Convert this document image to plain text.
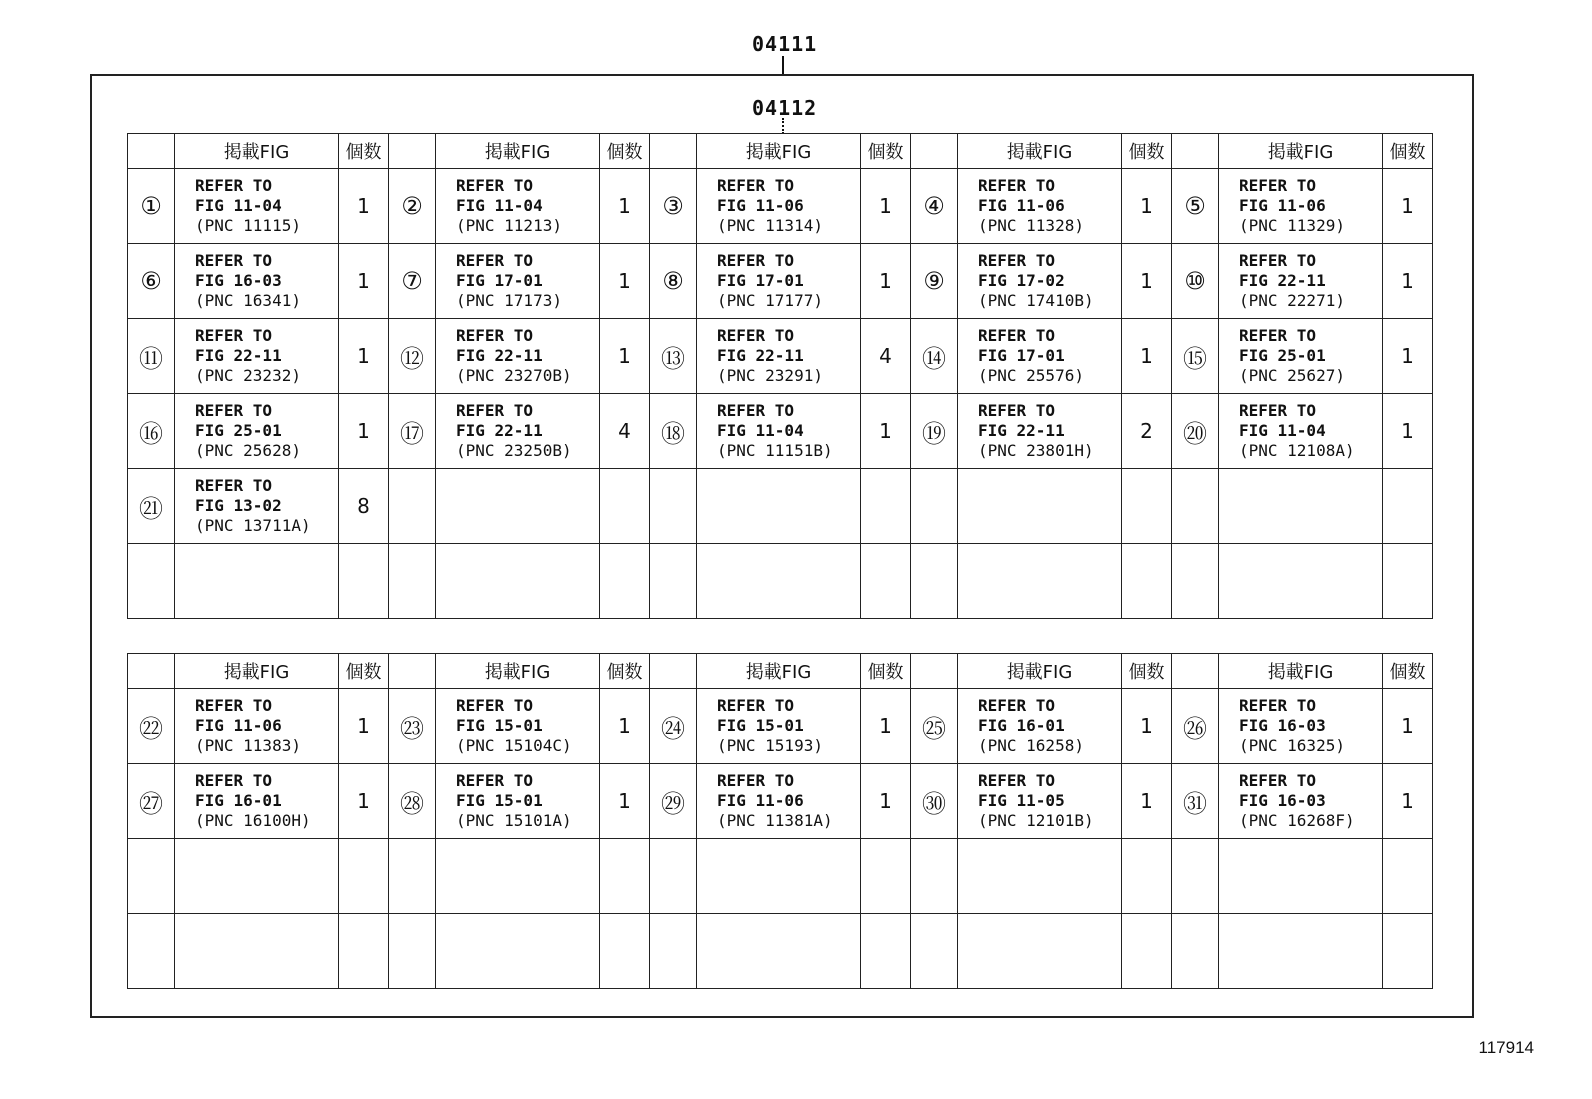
04111
04112
	掲載FIG	個数		掲載FIG	個数		掲載FIG	個数		掲載FIG	個数		掲載FIG	個数
①	REFER TO
FIG 11-04
(PNC 11115)	1	②	REFER TO
FIG 11-04
(PNC 11213)	1	③	REFER TO
FIG 11-06
(PNC 11314)	1	④	REFER TO
FIG 11-06
(PNC 11328)	1	⑤	REFER TO
FIG 11-06
(PNC 11329)	1
⑥	REFER TO
FIG 16-03
(PNC 16341)	1	⑦	REFER TO
FIG 17-01
(PNC 17173)	1	⑧	REFER TO
FIG 17-01
(PNC 17177)	1	⑨	REFER TO
FIG 17-02
(PNC 17410B)	1	⑩	REFER TO
FIG 22-11
(PNC 22271)	1
⑪	REFER TO
FIG 22-11
(PNC 23232)	1	⑫	REFER TO
FIG 22-11
(PNC 23270B)	1	⑬	REFER TO
FIG 22-11
(PNC 23291)	4	⑭	REFER TO
FIG 17-01
(PNC 25576)	1	⑮	REFER TO
FIG 25-01
(PNC 25627)	1
⑯	REFER TO
FIG 25-01
(PNC 25628)	1	⑰	REFER TO
FIG 22-11
(PNC 23250B)	4	⑱	REFER TO
FIG 11-04
(PNC 11151B)	1	⑲	REFER TO
FIG 22-11
(PNC 23801H)	2	⑳	REFER TO
FIG 11-04
(PNC 12108A)	1
㉑	REFER TO
FIG 13-02
(PNC 13711A)	8												

	掲載FIG	個数		掲載FIG	個数		掲載FIG	個数		掲載FIG	個数		掲載FIG	個数
㉒	REFER TO
FIG 11-06
(PNC 11383)	1	㉓	REFER TO
FIG 15-01
(PNC 15104C)	1	㉔	REFER TO
FIG 15-01
(PNC 15193)	1	㉕	REFER TO
FIG 16-01
(PNC 16258)	1	㉖	REFER TO
FIG 16-03
(PNC 16325)	1
㉗	REFER TO
FIG 16-01
(PNC 16100H)	1	㉘	REFER TO
FIG 15-01
(PNC 15101A)	1	㉙	REFER TO
FIG 11-06
(PNC 11381A)	1	㉚	REFER TO
FIG 11-05
(PNC 12101B)	1	㉛	REFER TO
FIG 16-03
(PNC 16268F)	1

117914
